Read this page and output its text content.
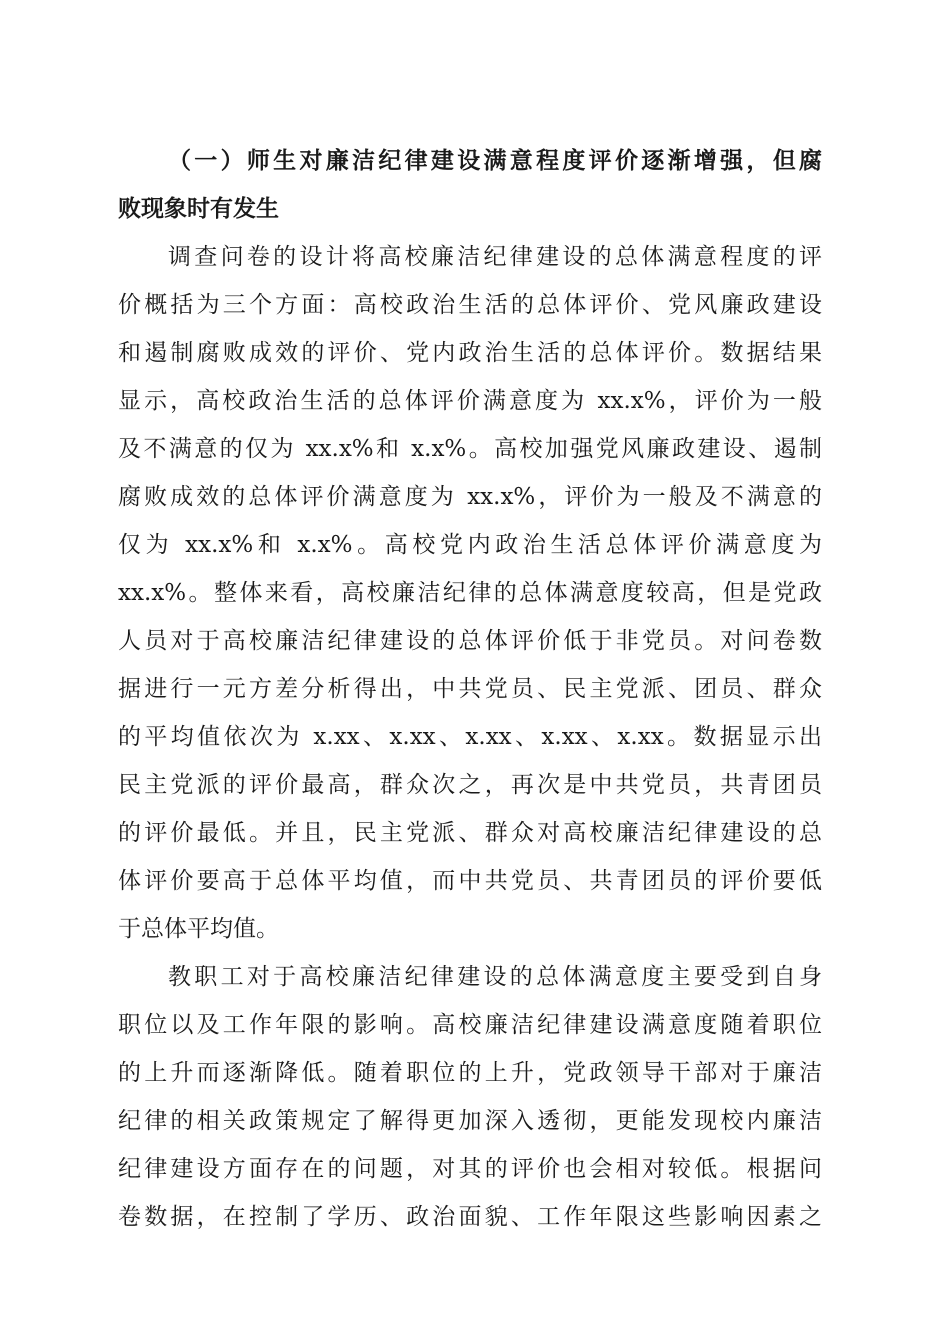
（一）师生对廉洁纪律建设满意程度评价逐渐增强，但腐
败现象时有发生
调查问卷的设计将高校廉洁纪律建设的总体满意程度的评
价概括为三个方面：高校政治生活的总体评价、党风廉政建设
和遏制腐败成效的评价、党内政治生活的总体评价。数据结果
显示，高校政治生活的总体评价满意度为 xx.x%，评价为一般
及不满意的仅为 xx.x%和 x.x%。高校加强党风廉政建设、遏制
腐败成效的总体评价满意度为 xx.x%，评价为一般及不满意的
仅为 xx.x%和 x.x%。高校党内政治生活总体评价满意度为
xx.x%。整体来看，高校廉洁纪律的总体满意度较高，但是党政
人员对于高校廉洁纪律建设的总体评价低于非党员。对问卷数
据进行一元方差分析得出，中共党员、民主党派、团员、群众
的平均值依次为 x.xx、x.xx、x.xx、x.xx、x.xx。数据显示出
民主党派的评价最高，群众次之，再次是中共党员，共青团员
的评价最低。并且，民主党派、群众对高校廉洁纪律建设的总
体评价要高于总体平均值，而中共党员、共青团员的评价要低
于总体平均值。
教职工对于高校廉洁纪律建设的总体满意度主要受到自身
职位以及工作年限的影响。高校廉洁纪律建设满意度随着职位
的上升而逐渐降低。随着职位的上升，党政领导干部对于廉洁
纪律的相关政策规定了解得更加深入透彻，更能发现校内廉洁
纪律建设方面存在的问题，对其的评价也会相对较低。根据问
卷数据，在控制了学历、政治面貌、工作年限这些影响因素之
